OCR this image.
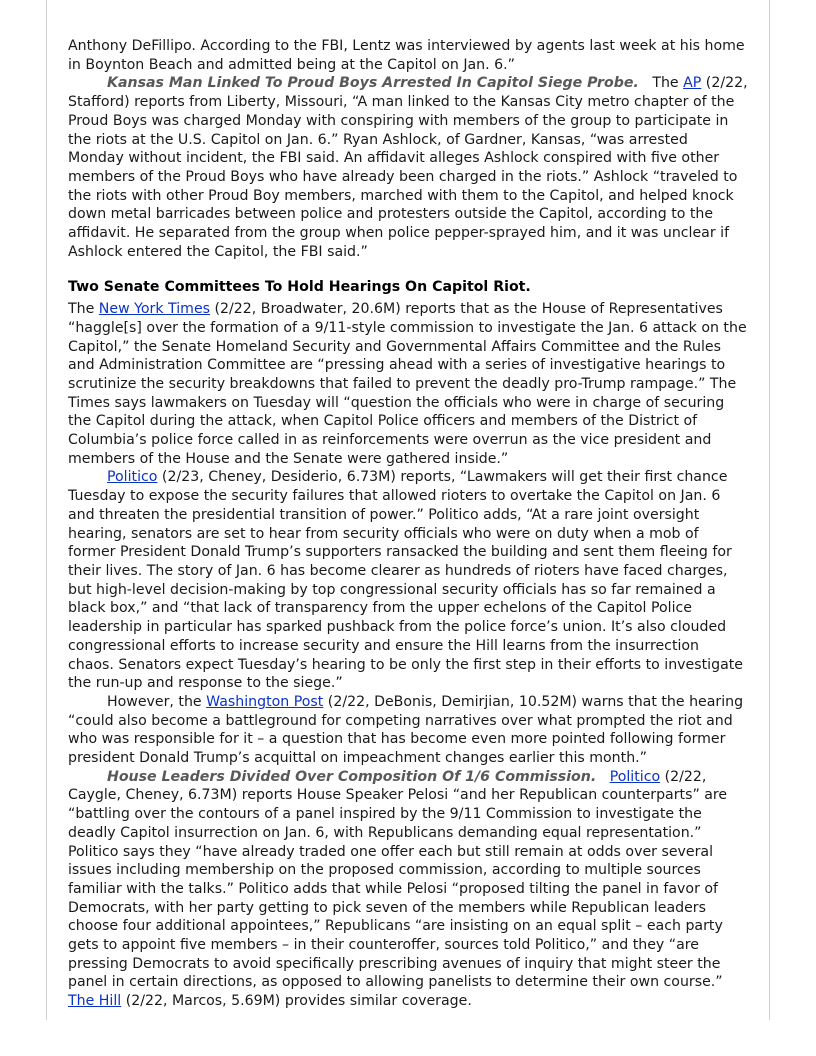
Anthony DeFillipo. According to the FBI, Lentz was interviewed by agents last week at his home in Boynton Beach and admitted being at the Capitol on Jan. 6.”

Kansas Man Linked To Proud Boys Arrested In Capitol Siege Probe. The AP (2/22, Stafford) reports from Liberty, Missouri, “A man linked to the Kansas City metro chapter of the Proud Boys was charged Monday with conspiring with members of the group to participate in the riots at the U.S. Capitol on Jan. 6.” Ryan Ashlock, of Gardner, Kansas, “was arrested Monday without incident, the FBI said. An affidavit alleges Ashlock conspired with five other members of the Proud Boys who have already been charged in the riots.” Ashlock “traveled to the riots with other Proud Boy members, marched with them to the Capitol, and helped knock down metal barricades between police and protesters outside the Capitol, according to the affidavit. He separated from the group when police pepper-sprayed him, and it was unclear if Ashlock entered the Capitol, the FBI said.”

Two Senate Committees To Hold Hearings On Capitol Riot.

The New York Times (2/22, Broadwater, 20.6M) reports that as the House of Representatives “haggle[s] over the formation of a 9/11-style commission to investigate the Jan. 6 attack on the Capitol,” the Senate Homeland Security and Governmental Affairs Committee and the Rules and Administration Committee are “pressing ahead with a series of investigative hearings to scrutinize the security breakdowns that failed to prevent the deadly pro-Trump rampage.” The Times says lawmakers on Tuesday will “question the officials who were in charge of securing the Capitol during the attack, when Capitol Police officers and members of the District of Columbia’s police force called in as reinforcements were overrun as the vice president and members of the House and the Senate were gathered inside.”

Politico (2/23, Cheney, Desiderio, 6.73M) reports, “Lawmakers will get their first chance Tuesday to expose the security failures that allowed rioters to overtake the Capitol on Jan. 6 and threaten the presidential transition of power.” Politico adds, “At a rare joint oversight hearing, senators are set to hear from security officials who were on duty when a mob of former President Donald Trump’s supporters ransacked the building and sent them fleeing for their lives. The story of Jan. 6 has become clearer as hundreds of rioters have faced charges, but high-level decision-making by top congressional security officials has so far remained a black box,” and “that lack of transparency from the upper echelons of the Capitol Police leadership in particular has sparked pushback from the police force’s union. It’s also clouded congressional efforts to increase security and ensure the Hill learns from the insurrection chaos. Senators expect Tuesday’s hearing to be only the first step in their efforts to investigate the run-up and response to the siege.”

However, the Washington Post (2/22, DeBonis, Demirjian, 10.52M) warns that the hearing “could also become a battleground for competing narratives over what prompted the riot and who was responsible for it – a question that has become even more pointed following former president Donald Trump’s acquittal on impeachment changes earlier this month.”

House Leaders Divided Over Composition Of 1/6 Commission. Politico (2/22, Caygle, Cheney, 6.73M) reports House Speaker Pelosi “and her Republican counterparts” are “battling over the contours of a panel inspired by the 9/11 Commission to investigate the deadly Capitol insurrection on Jan. 6, with Republicans demanding equal representation.” Politico says they “have already traded one offer each but still remain at odds over several issues including membership on the proposed commission, according to multiple sources familiar with the talks.” Politico adds that while Pelosi “proposed tilting the panel in favor of Democrats, with her party getting to pick seven of the members while Republican leaders choose four additional appointees,” Republicans “are insisting on an equal split – each party gets to appoint five members – in their counteroffer, sources told Politico,” and they “are pressing Democrats to avoid specifically prescribing avenues of inquiry that might steer the panel in certain directions, as opposed to allowing panelists to determine their own course.” The Hill (2/22, Marcos, 5.69M) provides similar coverage.
